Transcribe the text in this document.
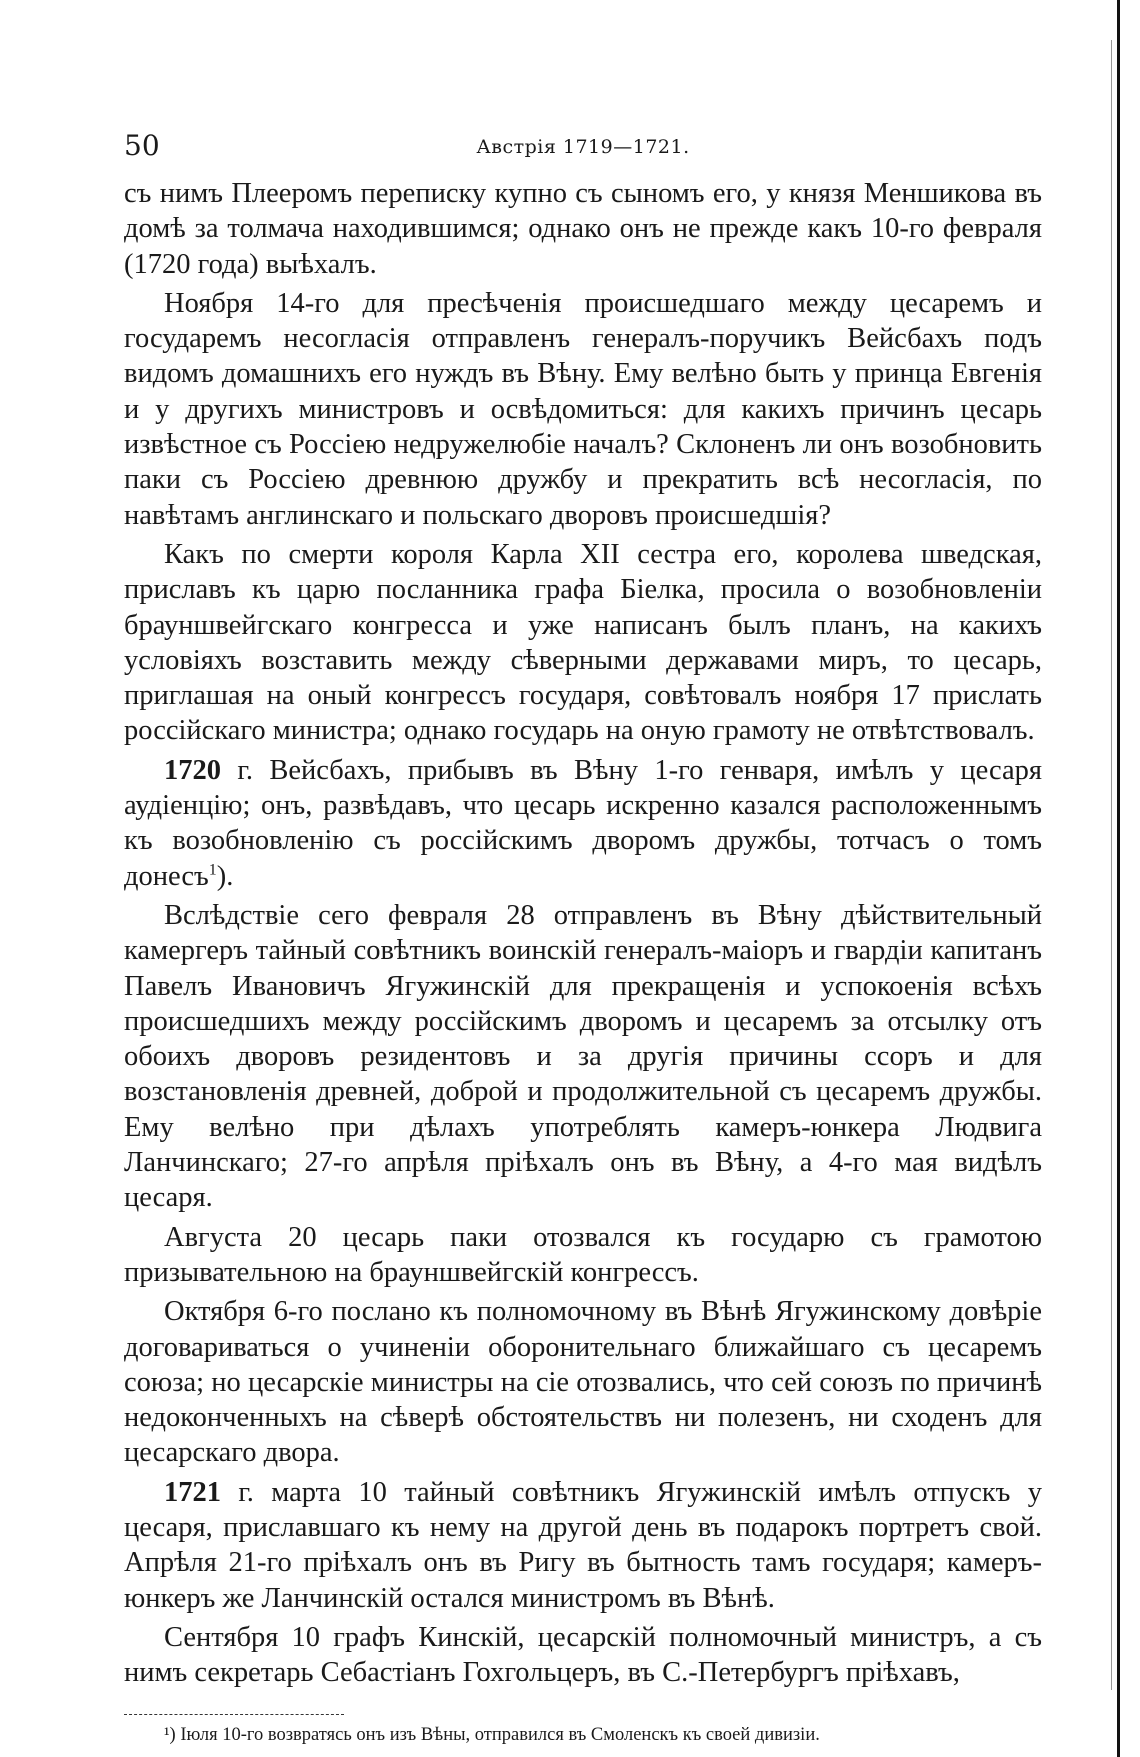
50	Австрія 1719—1721.

съ нимъ Плееромъ переписку купно съ сыномъ его, у князя Меншикова въ домѣ за толмача находившимся; однако онъ не прежде какъ 10-го февраля (1720 года) выѣхалъ.

Ноября 14-го для пресѣченія происшедшаго между цесаремъ и государемъ несогласія отправленъ генералъ-поручикъ Вейсбахъ подъ видомъ домашнихъ его нуждъ въ Вѣну. Ему велѣно быть у принца Евгенія и у другихъ министровъ и освѣдомиться: для какихъ причинъ цесарь извѣстное съ Россіею недружелюбіе началъ? Склоненъ ли онъ возобновить паки съ Россіею древнюю дружбу и прекратить всѣ несогласія, по навѣтамъ англинскаго и польскаго дворовъ происшедшія?

Какъ по смерти короля Карла XII сестра его, королева шведская, приславъ къ царю посланника графа Біелка, просила о возобновленіи брауншвейгскаго конгресса и уже написанъ былъ планъ, на какихъ условіяхъ возставить между сѣверными державами миръ, то цесарь, приглашая на оный конгрессъ государя, совѣтовалъ ноября 17 прислать россійскаго министра; однако государь на оную грамоту не отвѣтствовалъ.

1720 г. Вейсбахъ, прибывъ въ Вѣну 1-го генваря, имѣлъ у цесаря аудіенцію; онъ, развѣдавъ, что цесарь искренно казался расположеннымъ къ возобновленію съ россійскимъ дворомъ дружбы, тотчасъ о томъ донесъ$^1$).

Вслѣдствіе сего февраля 28 отправленъ въ Вѣну дѣйствительный камергеръ тайный совѣтникъ воинскій генералъ-маіоръ и гвардіи капитанъ Павелъ Ивановичъ Ягужинскій для прекращенія и успокоенія всѣхъ происшедшихъ между россійскимъ дворомъ и цесаремъ за отсылку отъ обоихъ дворовъ резидентовъ и за другія причины ссоръ и для возстановленія древней, доброй и продолжительной съ цесаремъ дружбы. Ему велѣно при дѣлахъ употреблять камеръ-юнкера Людвига Ланчинскаго; 27-го апрѣля пріѣхалъ онъ въ Вѣну, а 4-го мая видѣлъ цесаря.

Августа 20 цесарь паки отозвался къ государю съ грамотою призывательною на брауншвейгскій конгрессъ.

Октября 6-го послано къ полномочному въ Вѣнѣ Ягужинскому довѣріе договариваться о учиненіи оборонительнаго ближайшаго съ цесаремъ союза; но цесарскіе министры на сіе отозвались, что сей союзъ по причинѣ недоконченныхъ на сѣверѣ обстоятельствъ ни полезенъ, ни сходенъ для цесарскаго двора.

1721 г. марта 10 тайный совѣтникъ Ягужинскій имѣлъ отпускъ у цесаря, приславшаго къ нему на другой день въ подарокъ портретъ свой. Апрѣля 21-го пріѣхалъ онъ въ Ригу въ бытность тамъ государя; камеръ-юнкеръ же Ланчинскій остался министромъ въ Вѣнѣ.

Сентября 10 графъ Кинскій, цесарскій полномочный министръ, а съ нимъ секретарь Себастіанъ Гохгольцеръ, въ С.-Петербургъ пріѣхавъ,

¹) Іюля 10-го возвратясь онъ изъ Вѣны, отправился въ Смоленскъ къ своей дивизіи.
